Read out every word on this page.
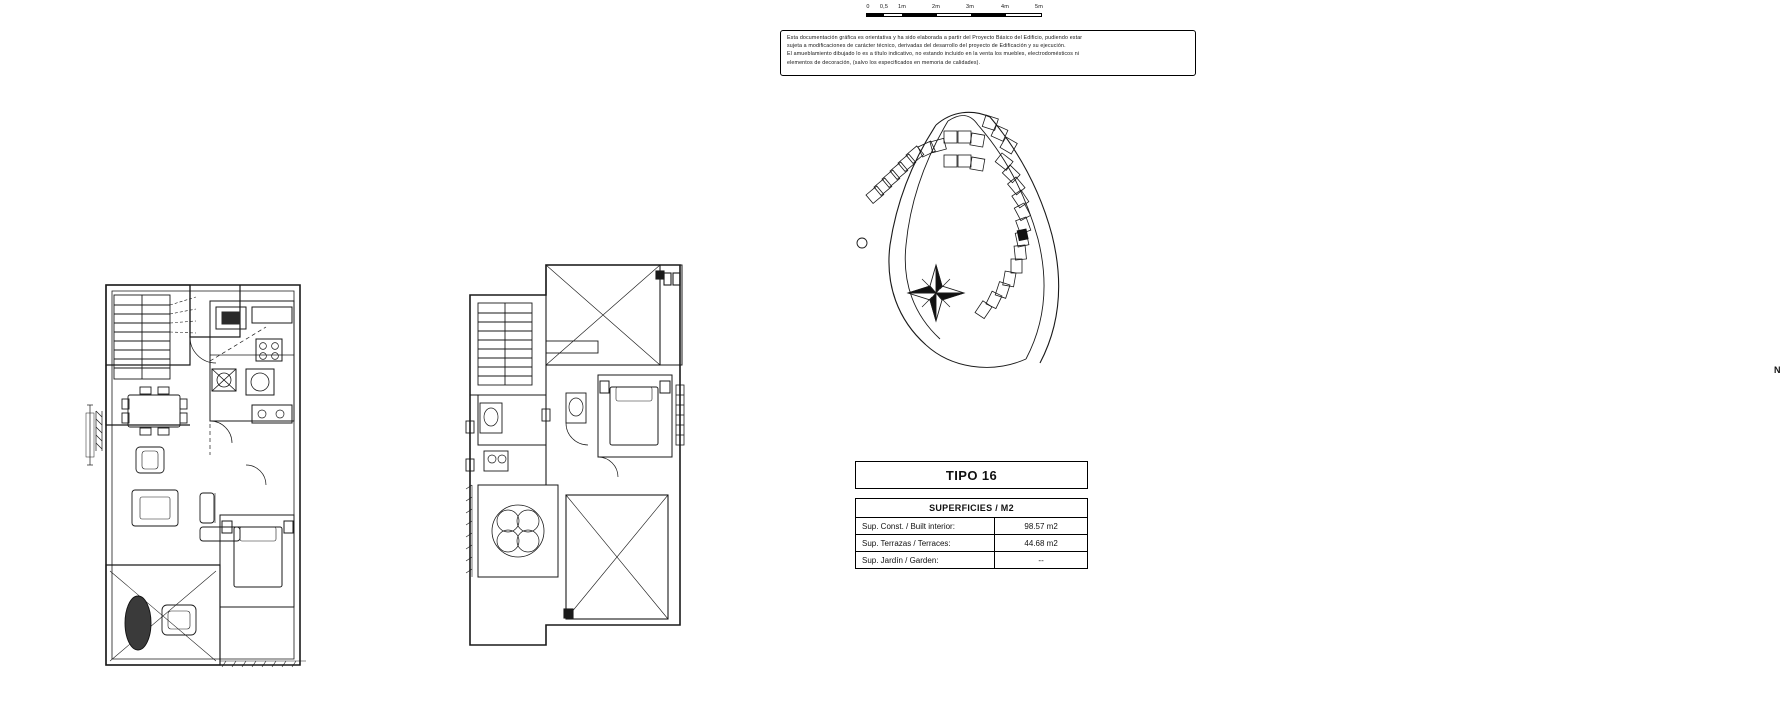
0 0,5 1m	2m	3m	4m	5m

Esta documentación gráfica es orientativa y ha sido elaborada a partir del Proyecto Básico del Edificio, pudiendo estar

sujeta a modificaciones de carácter técnico, derivadas del desarrollo del proyecto de Edificación y su ejecución.

El amueblamiento dibujado lo es a título indicativo, no estando incluido en la venta los muebles, electrodomésticos ni

elementos de decoración, (salvo los especificados en memoria de calidades).

N
TIPO 16
SUPERFICIES / M2	
Sup. Const. / Built interior:	98.57 m2
Sup. Terrazas / Terraces:	44.68 m2
Sup. Jardín / Garden:	--
